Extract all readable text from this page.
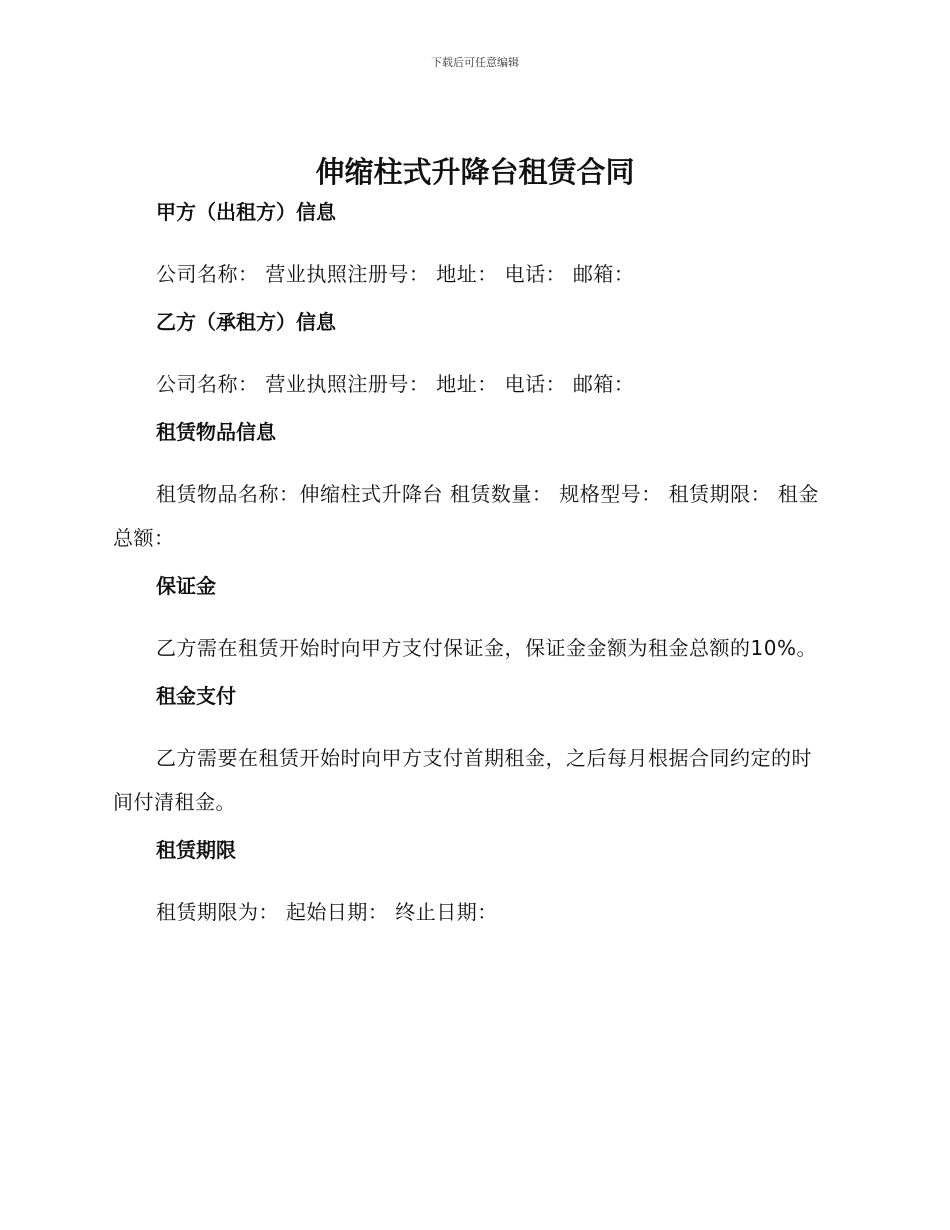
下载后可任意编辑
伸缩柱式升降台租赁合同

甲方（出租方）信息

公司名称： 营业执照注册号： 地址： 电话： 邮箱：

乙方（承租方）信息

公司名称： 营业执照注册号： 地址： 电话： 邮箱：

租赁物品信息

租赁物品名称：伸缩柱式升降台 租赁数量： 规格型号： 租赁期限： 租金总额：

保证金

乙方需在租赁开始时向甲方支付保证金，保证金金额为租金总额的10%。

租金支付

乙方需要在租赁开始时向甲方支付首期租金，之后每月根据合同约定的时间付清租金。

租赁期限

租赁期限为： 起始日期： 终止日期：
